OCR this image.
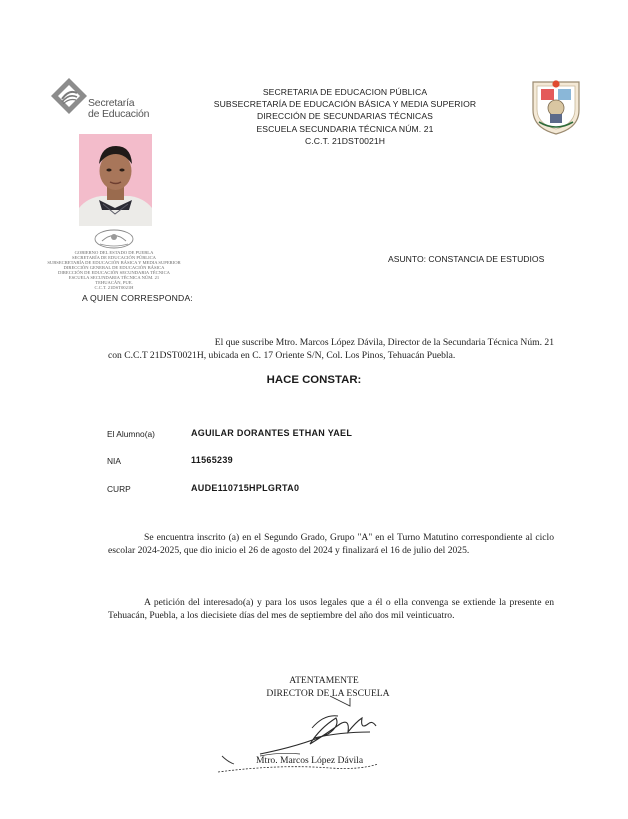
Secretaría
de Educación
SECRETARIA DE EDUCACION PÚBLICA
SUBSECRETARÍA DE EDUCACIÓN BÁSICA Y MEDIA SUPERIOR
DIRECCIÓN DE SECUNDARIAS TÉCNICAS
ESCUELA SECUNDARIA TÉCNICA NÚM. 21
C.C.T. 21DST0021H
GOBIERNO DEL ESTADO DE PUEBLA
SECRETARÍA DE EDUCACIÓN PÚBLICA
SUBSECRETARÍA DE EDUCACIÓN BÁSICA Y MEDIA SUPERIOR
DIRECCIÓN GENERAL DE EDUCACIÓN BÁSICA
DIRECCIÓN DE EDUCACIÓN SECUNDARIA TÉCNICA
ESCUELA SECUNDARIA TÉCNICA NÚM. 21
TEHUACÁN, PUE.
C.C.T. 21DST0021H
ASUNTO: CONSTANCIA DE ESTUDIOS
A QUIEN CORRESPONDA:
El que suscribe Mtro. Marcos López Dávila, Director de la Secundaria Técnica Núm. 21
con C.C.T 21DST0021H, ubicada en C. 17 Oriente S/N, Col. Los Pinos, Tehuacán Puebla.
HACE CONSTAR:
El Alumno(a)	AGUILAR DORANTES ETHAN YAEL
NIA	11565239
CURP	AUDE110715HPLGRTA0
Se encuentra inscrito (a) en el Segundo Grado, Grupo "A" en el Turno Matutino correspondiente al ciclo escolar 2024-2025, que dio inicio el 26 de agosto del 2024 y finalizará el 16 de julio del 2025.
A petición del interesado(a) y para los usos legales que a él o ella convenga se extiende la presente en Tehuacán, Puebla, a los diecisiete días del mes de septiembre del año dos mil veinticuatro.
ATENTAMENTE
DIRECTOR DE LA ESCUELA
Mtro. Marcos López Dávila
